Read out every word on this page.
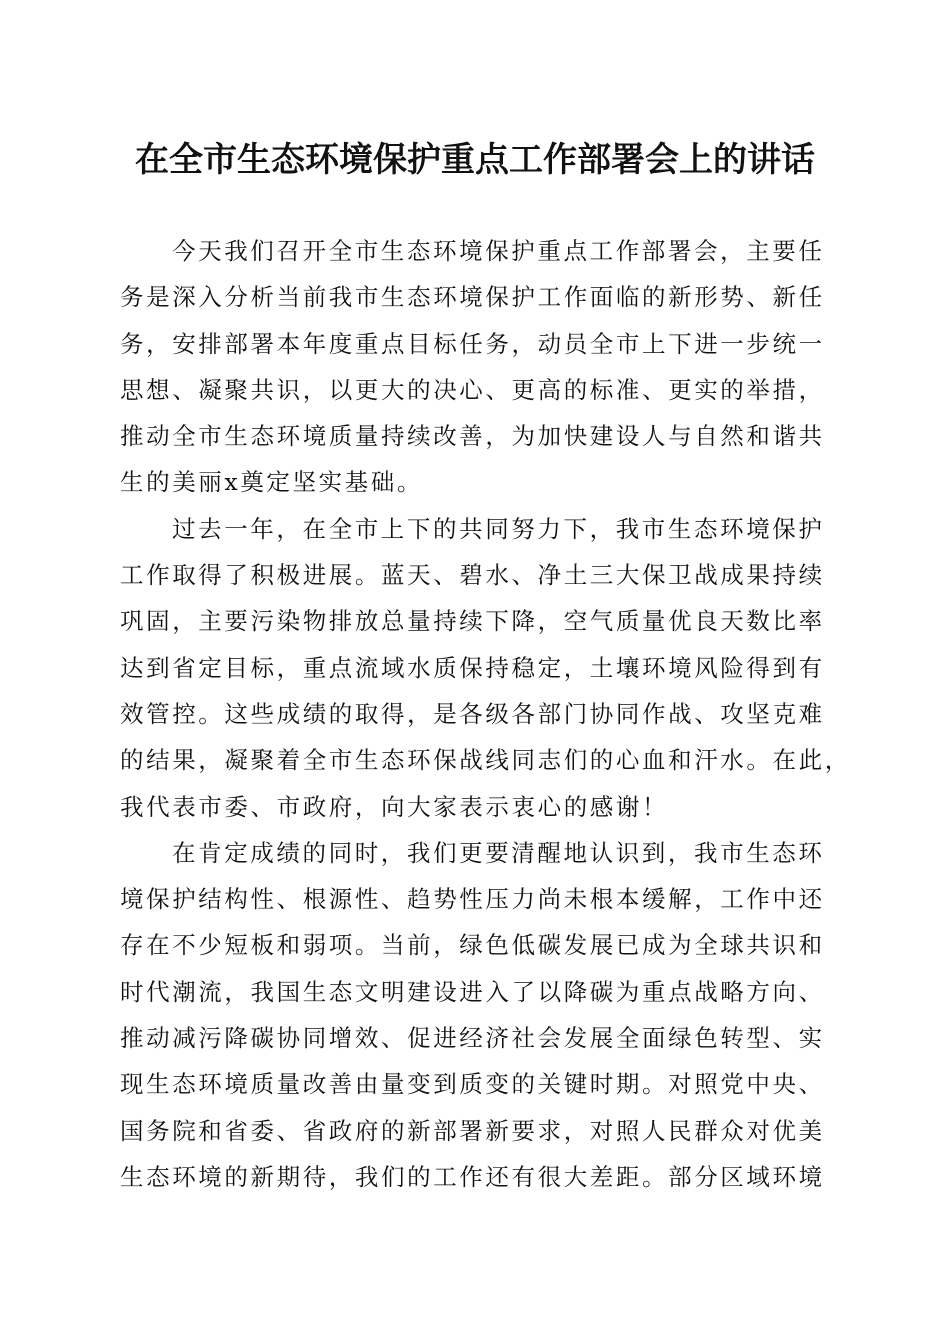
在全市生态环境保护重点工作部署会上的讲话
今天我们召开全市生态环境保护重点工作部署会，主要任
务是深入分析当前我市生态环境保护工作面临的新形势、新任
务，安排部署本年度重点目标任务，动员全市上下进一步统一
思想、凝聚共识，以更大的决心、更高的标准、更实的举措，
推动全市生态环境质量持续改善，为加快建设人与自然和谐共
生的美丽x奠定坚实基础。
过去一年，在全市上下的共同努力下，我市生态环境保护
工作取得了积极进展。蓝天、碧水、净土三大保卫战成果持续
巩固，主要污染物排放总量持续下降，空气质量优良天数比率
达到省定目标，重点流域水质保持稳定，土壤环境风险得到有
效管控。这些成绩的取得，是各级各部门协同作战、攻坚克难
的结果，凝聚着全市生态环保战线同志们的心血和汗水。在此，
我代表市委、市政府，向大家表示衷心的感谢！
在肯定成绩的同时，我们更要清醒地认识到，我市生态环
境保护结构性、根源性、趋势性压力尚未根本缓解，工作中还
存在不少短板和弱项。当前，绿色低碳发展已成为全球共识和
时代潮流，我国生态文明建设进入了以降碳为重点战略方向、
推动减污降碳协同增效、促进经济社会发展全面绿色转型、实
现生态环境质量改善由量变到质变的关键时期。对照党中央、
国务院和省委、省政府的新部署新要求，对照人民群众对优美
生态环境的新期待，我们的工作还有很大差距。部分区域环境
